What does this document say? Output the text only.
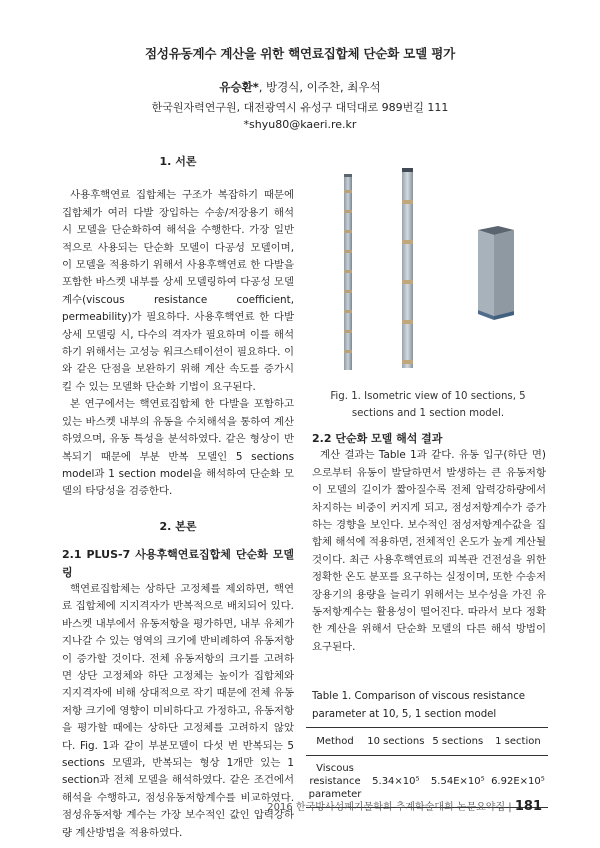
점성유동계수 계산을 위한 핵연료집합체 단순화 모델 평가
유승환*, 방경식, 이주찬, 최우석
한국원자력연구원, 대전광역시 유성구 대덕대로 989번길 111
*shyu80@kaeri.re.kr

1. 서론

사용후핵연료 집합체는 구조가 복잡하기 때문에 집합체가 여러 다발 장입하는 수송/저장용기 해석 시 모델을 단순화하여 해석을 수행한다. 가장 일반적으로 사용되는 단순화 모델이 다공성 모델이며, 이 모델을 적용하기 위해서 사용후핵연료 한 다발을 포함한 바스켓 내부를 상세 모델링하여 다공성 모델 계수(viscous resistance coefficient, permeability)가 필요하다. 사용후핵연료 한 다발 상세 모델링 시, 다수의 격자가 필요하며 이를 해석하기 위해서는 고성능 워크스테이션이 필요하다. 이와 같은 단점을 보완하기 위해 계산 속도를 증가시킬 수 있는 모델화 단순화 기법이 요구된다.

본 연구에서는 핵연료집합체 한 다발을 포함하고 있는 바스켓 내부의 유동을 수치해석을 통하여 계산하였으며, 유동 특성을 분석하였다. 같은 형상이 반복되기 때문에 부분 반복 모델인 5 sections model과 1 section model을 해석하여 단순화 모델의 타당성을 검증한다.

2. 본론

2.1 PLUS-7 사용후핵연료집합체 단순화 모델링

핵연료집합체는 상하단 고정체를 제외하면, 핵연료 집합체에 지지격자가 반복적으로 배치되어 있다. 바스켓 내부에서 유동저항을 평가하면, 내부 유체가 지나갈 수 있는 영역의 크기에 반비례하여 유동저항이 증가할 것이다. 전체 유동저항의 크기를 고려하면 상단 고정체와 하단 고정체는 높이가 집합체와 지지격자에 비해 상대적으로 작기 때문에 전체 유동저항 크기에 영향이 미비하다고 가정하고, 유동저항을 평가할 때에는 상하단 고정체를 고려하지 않았다. Fig. 1과 같이 부분모델이 다섯 번 반복되는 5 sections 모델과, 반복되는 형상 1개만 있는 1 section과 전체 모델을 해석하였다. 같은 조건에서 해석을 수행하고, 점성유동저항계수를 비교하였다. 점성유동저항 계수는 가장 보수적인 값인 압력강하량 계산방법을 적용하였다.

Fig. 1. Isometric view of 10 sections, 5 sections and 1 section model.

2.2 단순화 모델 해석 결과

계산 결과는 Table 1과 같다. 유동 입구(하단 면)으로부터 유동이 발달하면서 발생하는 큰 유동저항이 모델의 길이가 짧아질수록 전체 압력강하량에서 차지하는 비중이 커지게 되고, 점성저항계수가 증가하는 경향을 보인다. 보수적인 점성저항계수값을 집합체 해석에 적용하면, 전체적인 온도가 높게 계산될 것이다. 최근 사용후핵연료의 피복관 건전성을 위한 정확한 온도 분포를 요구하는 실정이며, 또한 수송저장용기의 용량을 늘리기 위해서는 보수성을 가진 유동저항계수는 활용성이 떨어진다. 따라서 보다 정확한 계산을 위해서 단순화 모델의 다른 해석 방법이 요구된다.

Table 1. Comparison of viscous resistance parameter at 10, 5, 1 section model
Method	10 sections	5 sections	1 section
Viscous resistance parameter	5.34×10⁵	5.54E×10⁵	6.92E×10⁵
2016 한국방사성폐기물학회 추계학술대회 논문요약집 | 181
